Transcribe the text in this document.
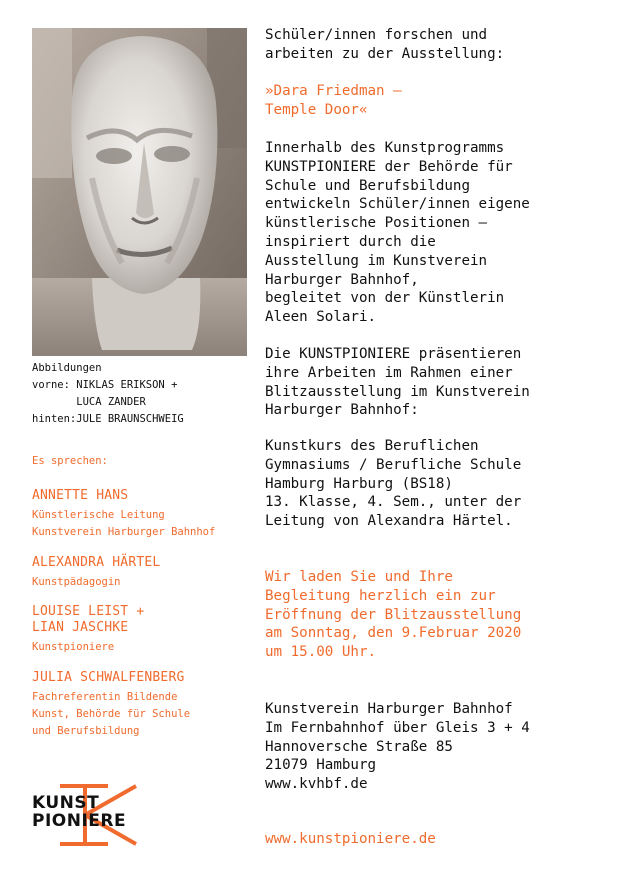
Abbildungen
vorne: NIKLAS ERIKSON +
LUCA ZANDER
hinten:JULE BRAUNSCHWEIG
Es sprechen:
ANNETTE HANS
Künstlerische Leitung
Kunstverein Harburger Bahnhof
ALEXANDRA HÄRTEL
Kunstpädagogin
LOUISE LEIST +
LIAN JASCHKE
Kunstpioniere
JULIA SCHWALFENBERG
Fachreferentin Bildende
Kunst, Behörde für Schule
und Berufsbildung
Schüler/innen forschen und
arbeiten zu der Ausstellung:
»Dara Friedman –
Temple Door«
Innerhalb des Kunstprogramms
KUNSTPIONIERE der Behörde für
Schule und Berufsbildung
entwickeln Schüler/innen eigene
künstlerische Positionen –
inspiriert durch die
Ausstellung im Kunstverein
Harburger Bahnhof,
begleitet von der Künstlerin
Aleen Solari.
Die KUNSTPIONIERE präsentieren
ihre Arbeiten im Rahmen einer
Blitzausstellung im Kunstverein
Harburger Bahnhof:
Kunstkurs des Beruflichen
Gymnasiums / Berufliche Schule
Hamburg Harburg (BS18)
13. Klasse, 4. Sem., unter der
Leitung von Alexandra Härtel.
Wir laden Sie und Ihre
Begleitung herzlich ein zur
Eröffnung der Blitzausstellung
am Sonntag, den 9.Februar 2020
um 15.00 Uhr.
Kunstverein Harburger Bahnhof
Im Fernbahnhof über Gleis 3 + 4
Hannoversche Straße 85
21079 Hamburg
www.kvhbf.de
www.kunstpioniere.de
KUNST
PIONIERE
